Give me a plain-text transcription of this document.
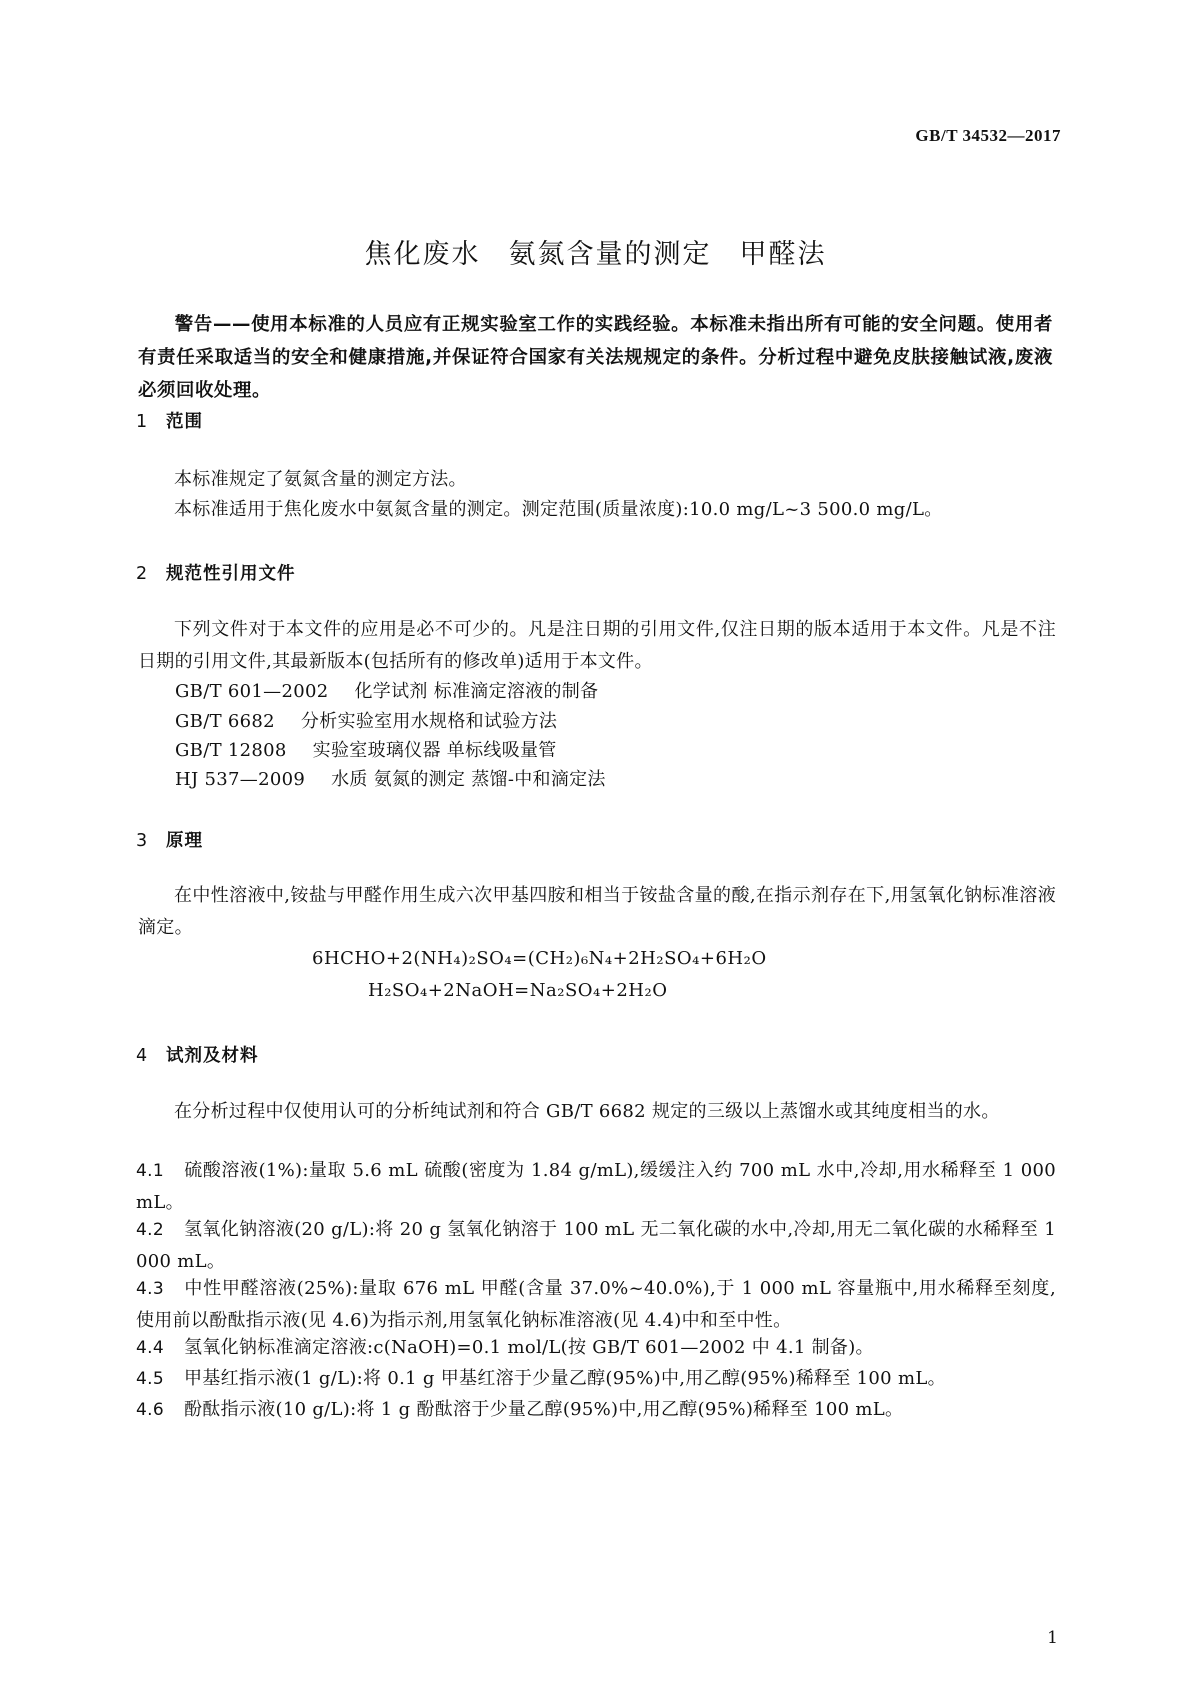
GB/T 34532—2017
焦化废水 氨氮含量的测定 甲醛法
警告——使用本标准的人员应有正规实验室工作的实践经验。本标准未指出所有可能的安全问题。使用者有责任采取适当的安全和健康措施,并保证符合国家有关法规规定的条件。分析过程中避免皮肤接触试液,废液必须回收处理。
1 范围
本标准规定了氨氮含量的测定方法。
本标准适用于焦化废水中氨氮含量的测定。测定范围(质量浓度):10.0 mg/L~3 500.0 mg/L。
2 规范性引用文件
下列文件对于本文件的应用是必不可少的。凡是注日期的引用文件,仅注日期的版本适用于本文件。凡是不注日期的引用文件,其最新版本(包括所有的修改单)适用于本文件。
GB/T 601—2002 化学试剂 标准滴定溶液的制备
GB/T 6682 分析实验室用水规格和试验方法
GB/T 12808 实验室玻璃仪器 单标线吸量管
HJ 537—2009 水质 氨氮的测定 蒸馏-中和滴定法
3 原理
在中性溶液中,铵盐与甲醛作用生成六次甲基四胺和相当于铵盐含量的酸,在指示剂存在下,用氢氧化钠标准溶液滴定。
6HCHO+2(NH₄)₂SO₄=(CH₂)₆N₄+2H₂SO₄+6H₂O
H₂SO₄+2NaOH=Na₂SO₄+2H₂O
4 试剂及材料
在分析过程中仅使用认可的分析纯试剂和符合 GB/T 6682 规定的三级以上蒸馏水或其纯度相当的水。
4.1 硫酸溶液(1%):量取 5.6 mL 硫酸(密度为 1.84 g/mL),缓缓注入约 700 mL 水中,冷却,用水稀释至 1 000 mL。
4.2 氢氧化钠溶液(20 g/L):将 20 g 氢氧化钠溶于 100 mL 无二氧化碳的水中,冷却,用无二氧化碳的水稀释至 1 000 mL。
4.3 中性甲醛溶液(25%):量取 676 mL 甲醛(含量 37.0%~40.0%),于 1 000 mL 容量瓶中,用水稀释至刻度,使用前以酚酞指示液(见 4.6)为指示剂,用氢氧化钠标准溶液(见 4.4)中和至中性。
4.4 氢氧化钠标准滴定溶液:c(NaOH)=0.1 mol/L(按 GB/T 601—2002 中 4.1 制备)。
4.5 甲基红指示液(1 g/L):将 0.1 g 甲基红溶于少量乙醇(95%)中,用乙醇(95%)稀释至 100 mL。
4.6 酚酞指示液(10 g/L):将 1 g 酚酞溶于少量乙醇(95%)中,用乙醇(95%)稀释至 100 mL。
1
